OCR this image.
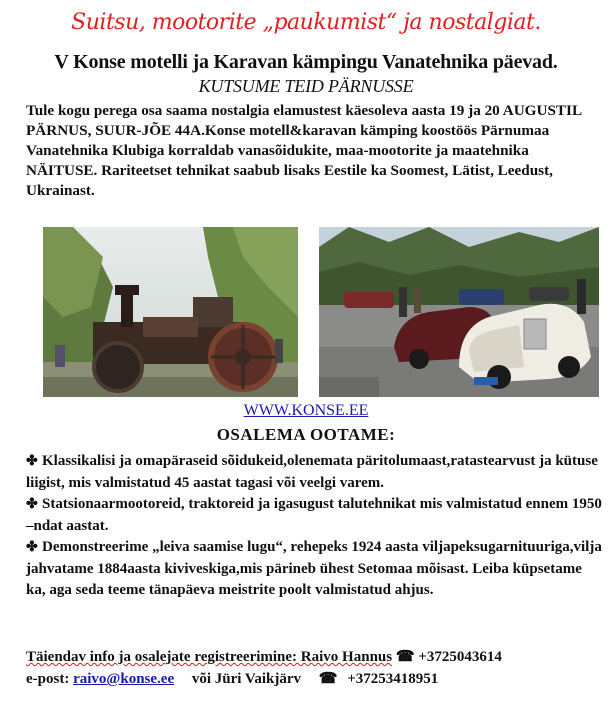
Suitsu, mootorite „paukumist“ ja nostalgiat.
V Konse motelli ja Karavan kämpingu Vanatehnika päevad.
KUTSUME TEID PÄRNUSSE
Tule kogu perega osa saama nostalgia elamustest käesoleva aasta 19 ja 20 AUGUSTIL PÄRNUS, SUUR-JÕE 44A.Konse motell&karavan kämping koostöös Pärnumaa Vanatehnika Klubiga korraldab vanasõidukite, maa-mootorite ja maatehnika NÄITUSE. Rariteetset tehnikat saabub lisaks Eestile ka Soomest, Lätist, Leedust, Ukrainast.
WWW.KONSE.EE
OSALEMA OOTAME:

✤ Klassikalisi ja omapäraseid sõidukeid,olenemata päritolumaast,ratastearvust ja kütuse liigist, mis valmistatud 45 aastat tagasi või veelgi varem.

✤ Statsionaarmootoreid, traktoreid ja igasugust talutehnikat mis valmistatud ennem 1950 –ndat aastat.

✤ Demonstreerime „leiva saamise lugu“, rehepeks 1924 aasta viljapeksugarnituuriga,vilja jahvatame 1884aasta kiviveskiga,mis pärineb ühest Setomaa mõisast. Leiba küpsetame ka, aga seda teeme tänapäeva meistrite poolt valmistatud ahjus.

Täiendav info ja osalejate registreerimine: Raivo Hannus ☎ +3725043614
e-post: raivo@konse.ee või Jüri Vaikjärv ☎ +37253418951
